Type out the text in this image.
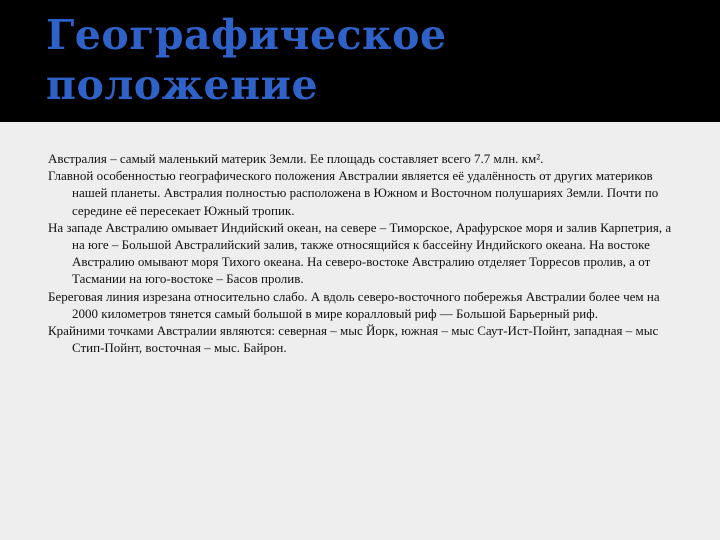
Географическое
положение

Австралия – самый маленький материк Земли. Ее площадь составляет всего 7.7 млн. км².

Главной особенностью географического положения Австралии является её удалённость от других материков нашей планеты. Австралия полностью расположена в Южном и Восточном полушариях Земли. Почти по середине её пересекает Южный тропик.

На западе Австралию омывает Индийский океан, на севере – Тиморское, Арафурское моря и залив Карпетрия, а на юге – Большой Австралийский залив, также относящийся к бассейну Индийского океана. На востоке Австралию омывают моря Тихого океана. На северо-востоке Австралию отделяет Торресов пролив, а от Тасмании на юго-востоке – Басов пролив.

Береговая линия изрезана относительно слабо. А вдоль северо-восточного побережья Австралии более чем на 2000 километров тянется самый большой в мире коралловый риф — Большой Барьерный риф.

Крайними точками Австралии являются: северная – мыс Йорк, южная – мыс Саут-Ист-Пойнт, западная – мыс Стип-Пойнт, восточная – мыс. Байрон.
